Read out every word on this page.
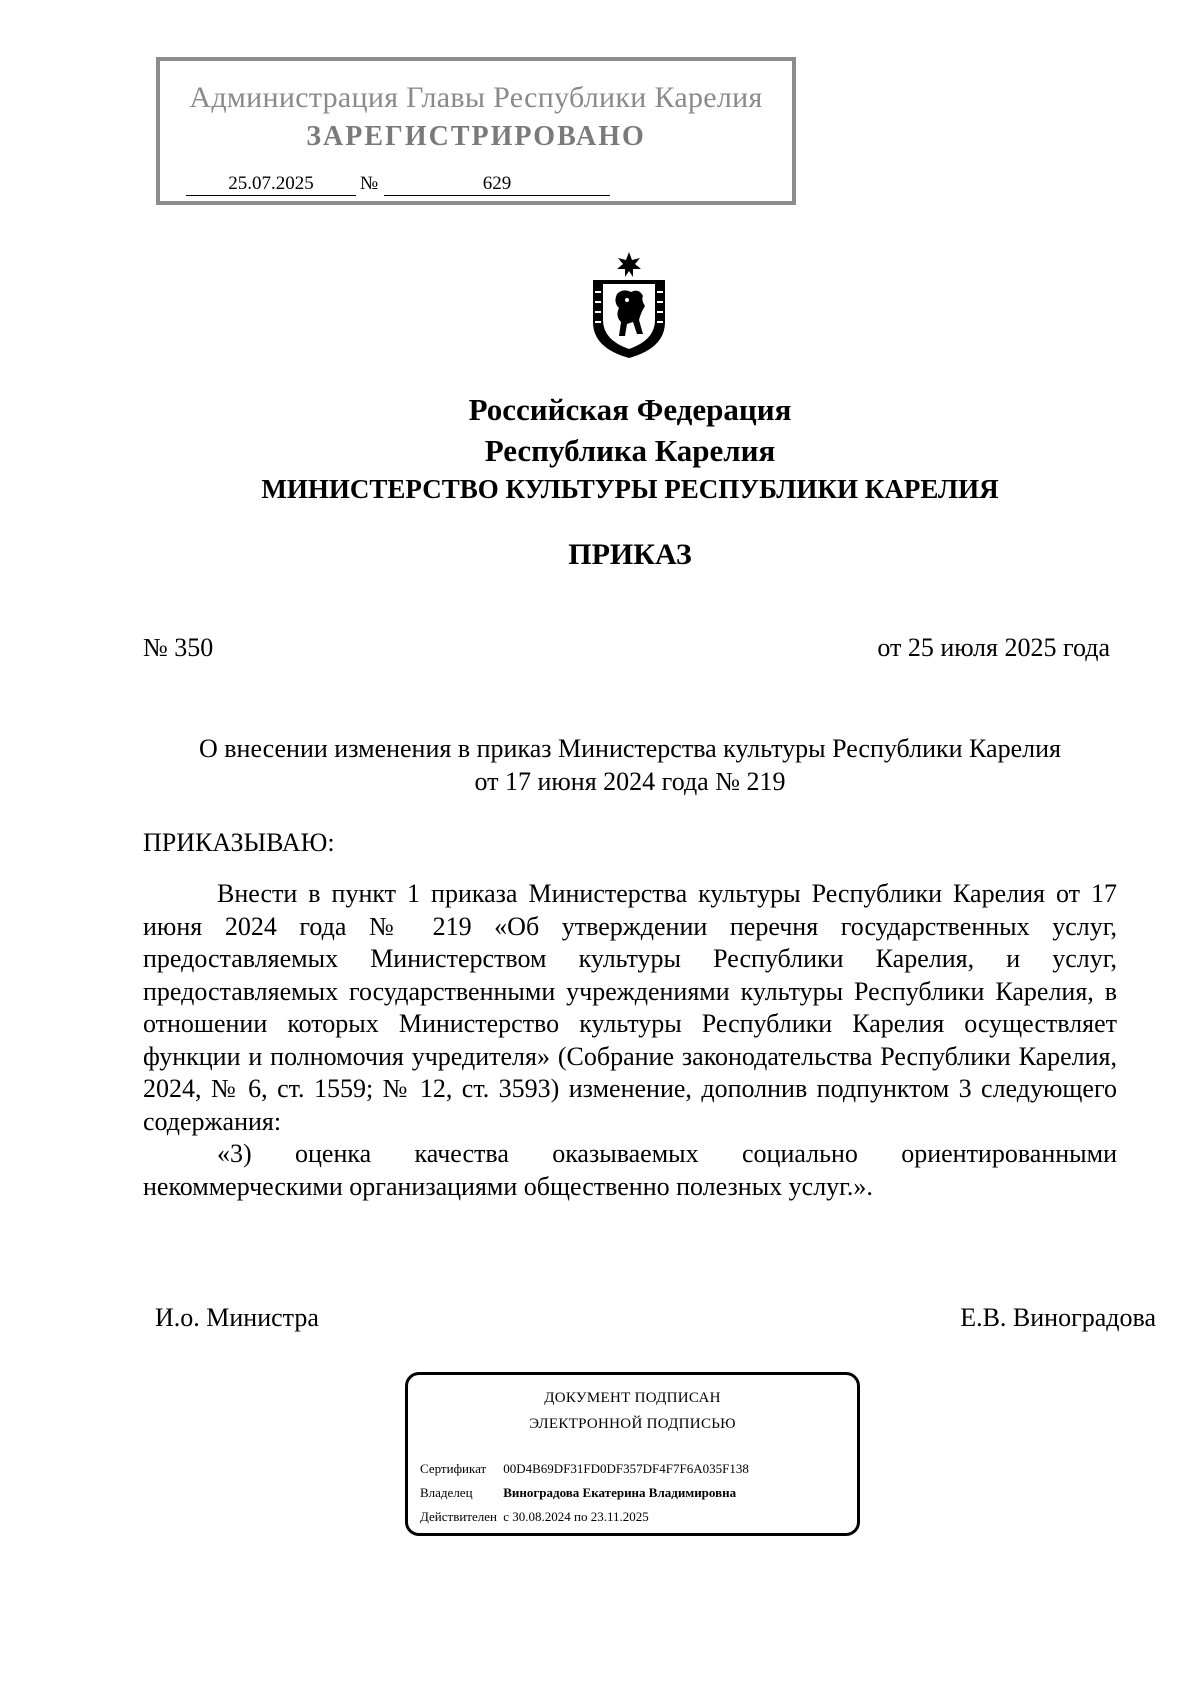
Администрация Главы Республики Карелия
ЗАРЕГИСТРИРОВАНО
25.07.2025	№	629
Российская Федерация
Республика Карелия
МИНИСТЕРСТВО КУЛЬТУРЫ РЕСПУБЛИКИ КАРЕЛИЯ
ПРИКАЗ
№ 350	от 25 июля 2025 года
О внесении изменения в приказ Министерства культуры Республики Карелия
от 17 июня 2024 года № 219
ПРИКАЗЫВАЮ:

Внести в пункт 1 приказа Министерства культуры Республики Карелия от 17 июня 2024 года № 219 «Об утверждении перечня государственных услуг, предоставляемых Министерством культуры Республики Карелия, и услуг, предоставляемых государственными учреждениями культуры Республики Карелия, в отношении которых Министерство культуры Республики Карелия осуществляет функции и полномочия учредителя» (Собрание законодательства Республики Карелия, 2024, № 6, ст. 1559; № 12, ст. 3593) изменение, дополнив подпунктом 3 следующего содержания:

«3) оценка качества оказываемых социально ориентированными некоммерческими организациями общественно полезных услуг.».

И.о. Министра	Е.В. Виноградова
ДОКУМЕНТ ПОДПИСАН
ЭЛЕКТРОННОЙ ПОДПИСЬЮ
Сертификат 00D4B69DF31FD0DF357DF4F7F6A035F138
Владелец Виноградова Екатерина Владимировна
Действителен с 30.08.2024 по 23.11.2025
